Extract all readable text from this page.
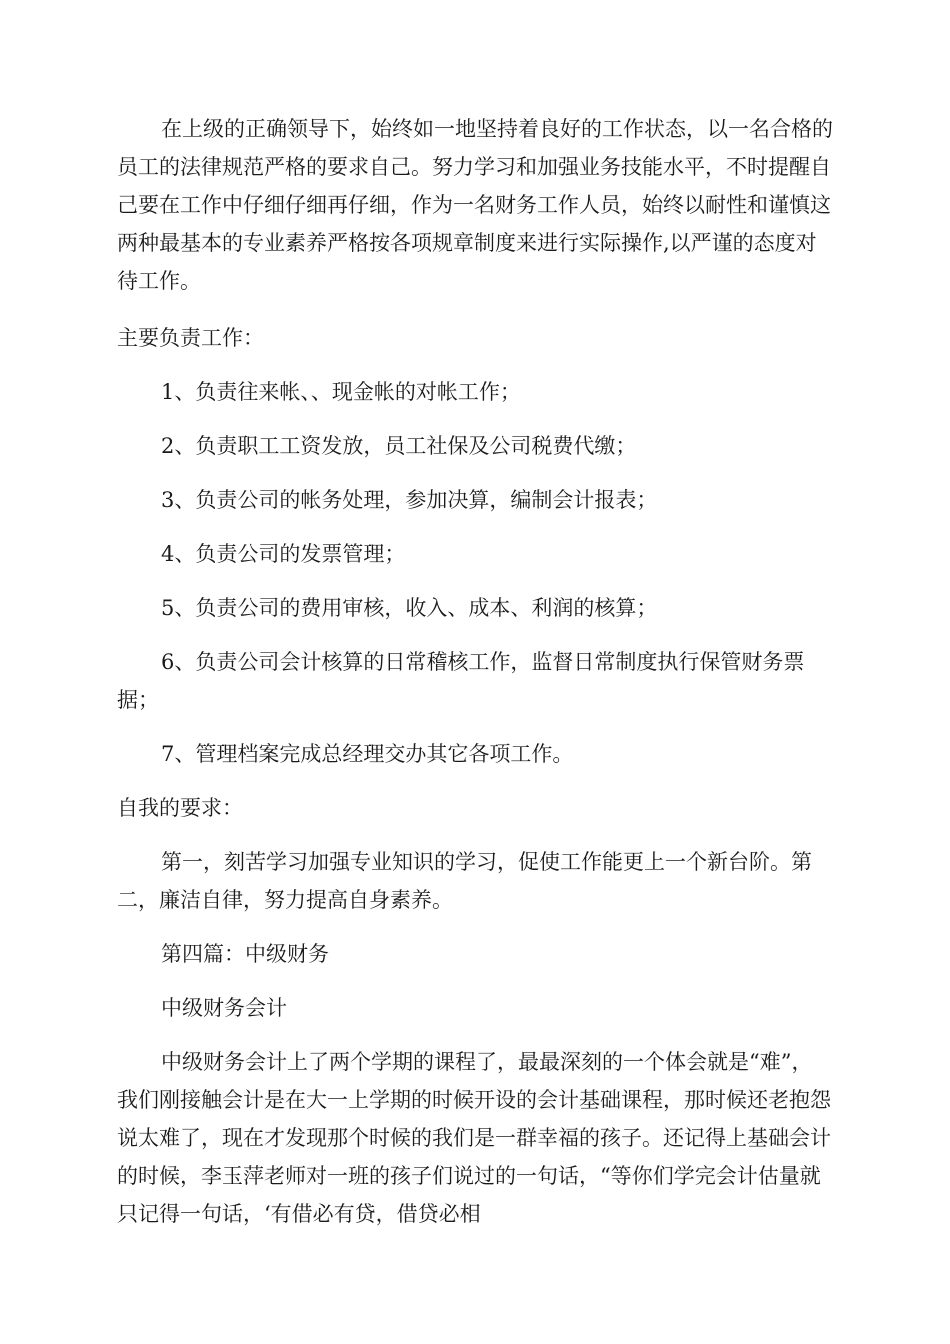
在上级的正确领导下，始终如一地坚持着良好的工作状态，以一名合格的员工的法律规范严格的要求自己。努力学习和加强业务技能水平，不时提醒自己要在工作中仔细仔细再仔细，作为一名财务工作人员，始终以耐性和谨慎这两种最基本的专业素养严格按各项规章制度来进行实际操作,以严谨的态度对待工作。

主要负责工作：
1、负责往来帐、、现金帐的对帐工作；
2、负责职工工资发放，员工社保及公司税费代缴；
3、负责公司的帐务处理，参加决算，编制会计报表；
4、负责公司的发票管理；
5、负责公司的费用审核，收入、成本、利润的核算；

6、负责公司会计核算的日常稽核工作，监督日常制度执行保管财务票据；

7、管理档案完成总经理交办其它各项工作。
自我的要求：

第一，刻苦学习加强专业知识的学习，促使工作能更上一个新台阶。第二，廉洁自律，努力提高自身素养。

第四篇：中级财务
中级财务会计

中级财务会计上了两个学期的课程了，最最深刻的一个体会就是“难”，我们刚接触会计是在大一上学期的时候开设的会计基础课程，那时候还老抱怨说太难了，现在才发现那个时候的我们是一群幸福的孩子。还记得上基础会计的时候，李玉萍老师对一班的孩子们说过的一句话，“等你们学完会计估量就只记得一句话，‘有借必有贷，借贷必相
